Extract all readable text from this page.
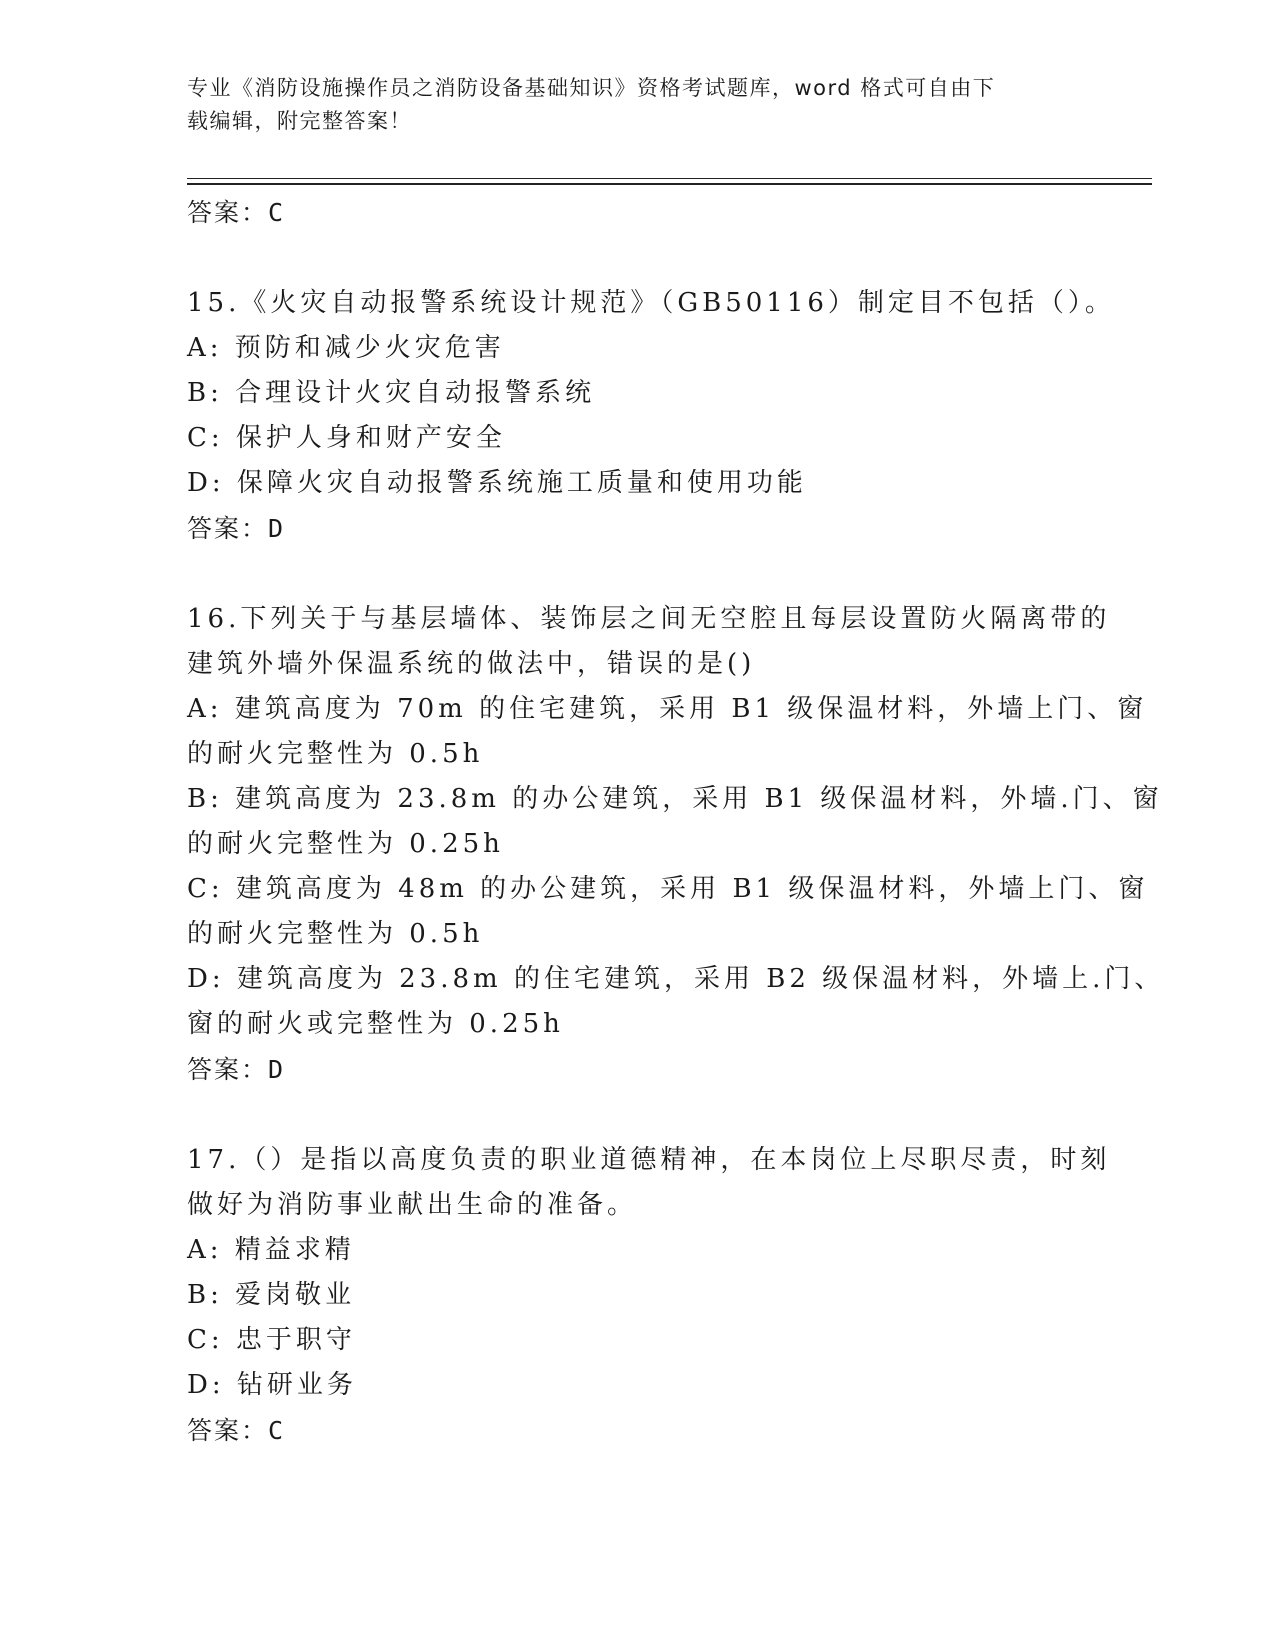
专业《消防设施操作员之消防设备基础知识》资格考试题库，word 格式可自由下
载编辑，附完整答案！
答案：C
15.《火灾自动报警系统设计规范》（GB50116）制定目不包括（）。
A: 预防和减少火灾危害
B: 合理设计火灾自动报警系统
C: 保护人身和财产安全
D: 保障火灾自动报警系统施工质量和使用功能
答案：D
16.下列关于与基层墙体、装饰层之间无空腔且每层设置防火隔离带的
建筑外墙外保温系统的做法中，错误的是()
A: 建筑高度为 70m 的住宅建筑，采用 B1 级保温材料，外墙上门、窗
的耐火完整性为 0.5h
B: 建筑高度为 23.8m 的办公建筑，采用 B1 级保温材料，外墙.门、窗
的耐火完整性为 0.25h
C: 建筑高度为 48m 的办公建筑，采用 B1 级保温材料，外墙上门、窗
的耐火完整性为 0.5h
D: 建筑高度为 23.8m 的住宅建筑，采用 B2 级保温材料，外墙上.门、
窗的耐火或完整性为 0.25h
答案：D
17.（）是指以高度负责的职业道德精神，在本岗位上尽职尽责，时刻
做好为消防事业献出生命的准备。
A: 精益求精
B: 爱岗敬业
C: 忠于职守
D: 钻研业务
答案：C
